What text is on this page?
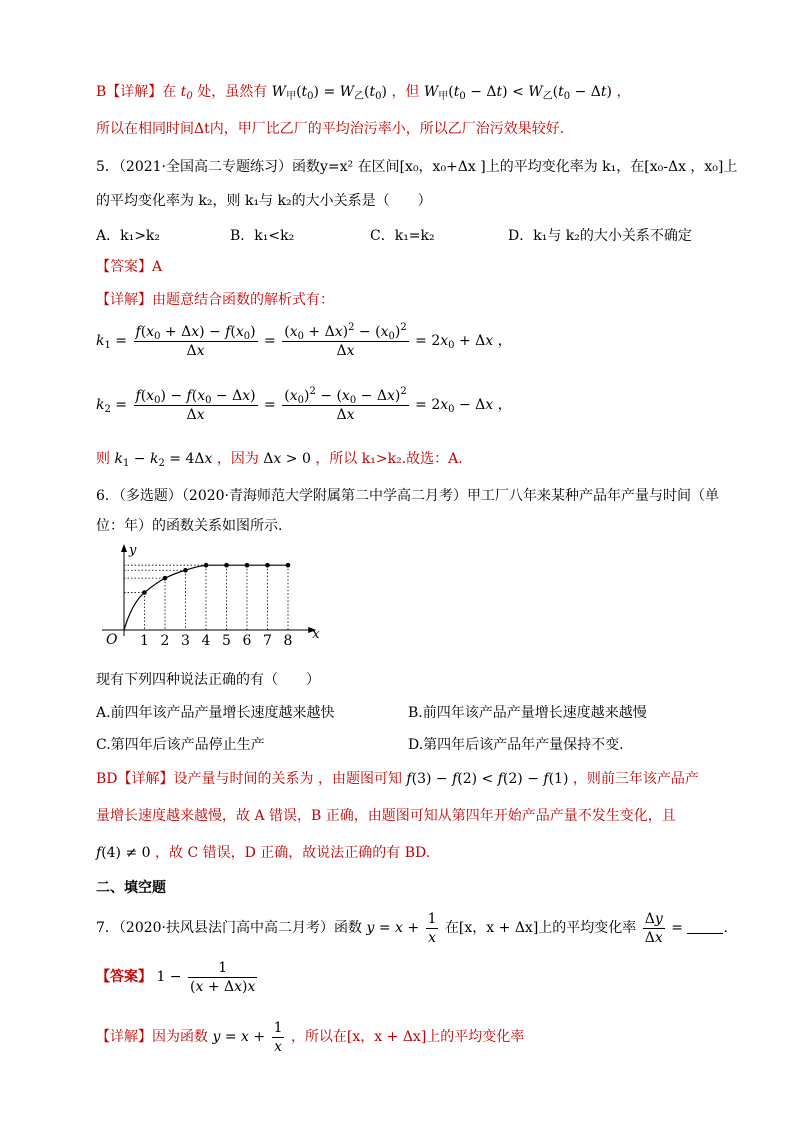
B【详解】在 $t_0$ 处，虽然有 $W_甲(t_0) = W_乙(t_0)$ ，但 $W_甲(t_0 - \Delta t) < W_乙(t_0 - \Delta t)$ ，
所以在相同时间Δt内，甲厂比乙厂的平均治污率小，所以乙厂治污效果较好．
5．（2021·全国高二专题练习）函数y=x² 在区间[x₀，x₀+Δx ]上的平均变化率为 k₁，在[x₀-Δx ，x₀]上
的平均变化率为 k₂，则 k₁与 k₂的大小关系是（　　）
A．k₁>k₂	B．k₁<k₂	C．k₁=k₂	D．k₁与 k₂的大小关系不确定
【答案】A
【详解】由题意结合函数的解析式有：
$k_1 = \frac{f(x_0 + \Delta x) - f(x_0)}{\Delta x} = \frac{(x_0 + \Delta x)^2 - (x_0)^2}{\Delta x} = 2x_0 + \Delta x$ ，
$k_2 = \frac{f(x_0) - f(x_0 - \Delta x)}{\Delta x} = \frac{(x_0)^2 - (x_0 - \Delta x)^2}{\Delta x} = 2x_0 - \Delta x$ ，
则 $k_1 - k_2 = 4\Delta x$ ，因为 Δx > 0 ，所以 k₁>k₂.故选：A.
6．（多选题）（2020·青海师范大学附属第二中学高二月考）甲工厂八年来某种产品年产量与时间（单
位：年）的函数关系如图所示.
x
y
O 1 2 3 4 5 6 7 8
现有下列四种说法正确的有（　　）
A.前四年该产品产量增长速度越来越快	B.前四年该产品产量增长速度越来越慢
C.第四年后该产品停止生产	D.第四年后该产品年产量保持不变.
BD【详解】设产量与时间的关系为 ，由题图可知 f(3) − f(2) < f(2) − f(1) ，则前三年该产品产
量增长速度越来越慢，故 A 错误，B 正确，由题图可知从第四年开始产品产量不发生变化，且
f(4) ≠ 0 ，故 C 错误，D 正确，故说法正确的有 BD.
二、填空题
7．（2020·扶风县法门高中高二月考）函数 $y = x + \frac{1}{x}$ 在[x，x + Δx]上的平均变化率 $\frac{\Delta y}{\Delta x}$ =	.
【答案】 $1 - \frac{1}{(x + \Delta x)x}$
【详解】因为函数 $y = x + \frac{1}{x}$ ，所以在[x，x + Δx]上的平均变化率
